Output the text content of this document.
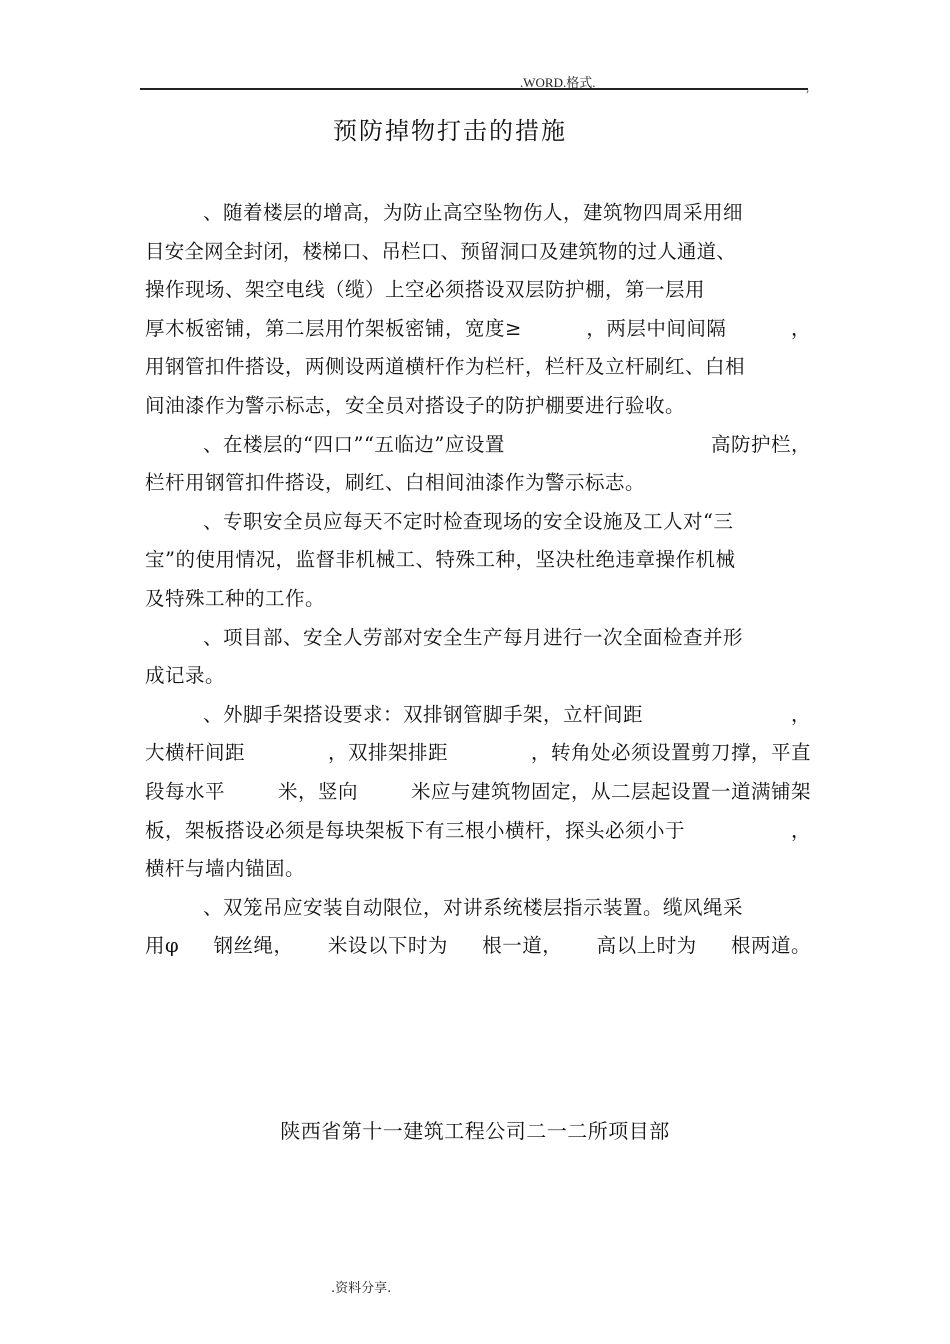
.WORD.格式.	,
预防掉物打击的措施
、随着楼层的增高，为防止高空坠物伤人，建筑物四周采用细
目安全网全封闭，楼梯口、吊栏口、预留洞口及建筑物的过人通道、
操作现场、架空电线（缆）上空必须搭设双层防护棚，第一层用
厚木板密铺，第二层用竹架板密铺，宽度≥	，两层中间间隔	，
用钢管扣件搭设，两侧设两道横杆作为栏杆，栏杆及立杆刷红、白相
间油漆作为警示标志，安全员对搭设子的防护棚要进行验收。
、在楼层的“四口”“五临边”应设置	高防护栏，
栏杆用钢管扣件搭设，刷红、白相间油漆作为警示标志。
、专职安全员应每天不定时检查现场的安全设施及工人对“三
宝”的使用情况，监督非机械工、特殊工种，坚决杜绝违章操作机械
及特殊工种的工作。
、项目部、安全人劳部对安全生产每月进行一次全面检查并形
成记录。
、外脚手架搭设要求：双排钢管脚手架，立杆间距	，
大横杆间距	，双排架排距	，转角处必须设置剪刀撑，平直
段每水平	米，竖向	米应与建筑物固定，从二层起设置一道满铺架
板，架板搭设必须是每块架板下有三根小横杆，探头必须小于	，
横杆与墙内锚固。
、双笼吊应安装自动限位，对讲系统楼层指示装置。缆风绳采
用φ 钢丝绳， 米设以下时为 根一道， 高以上时为 根两道。
陕西省第十一建筑工程公司二一二所项目部
.资料分享.
